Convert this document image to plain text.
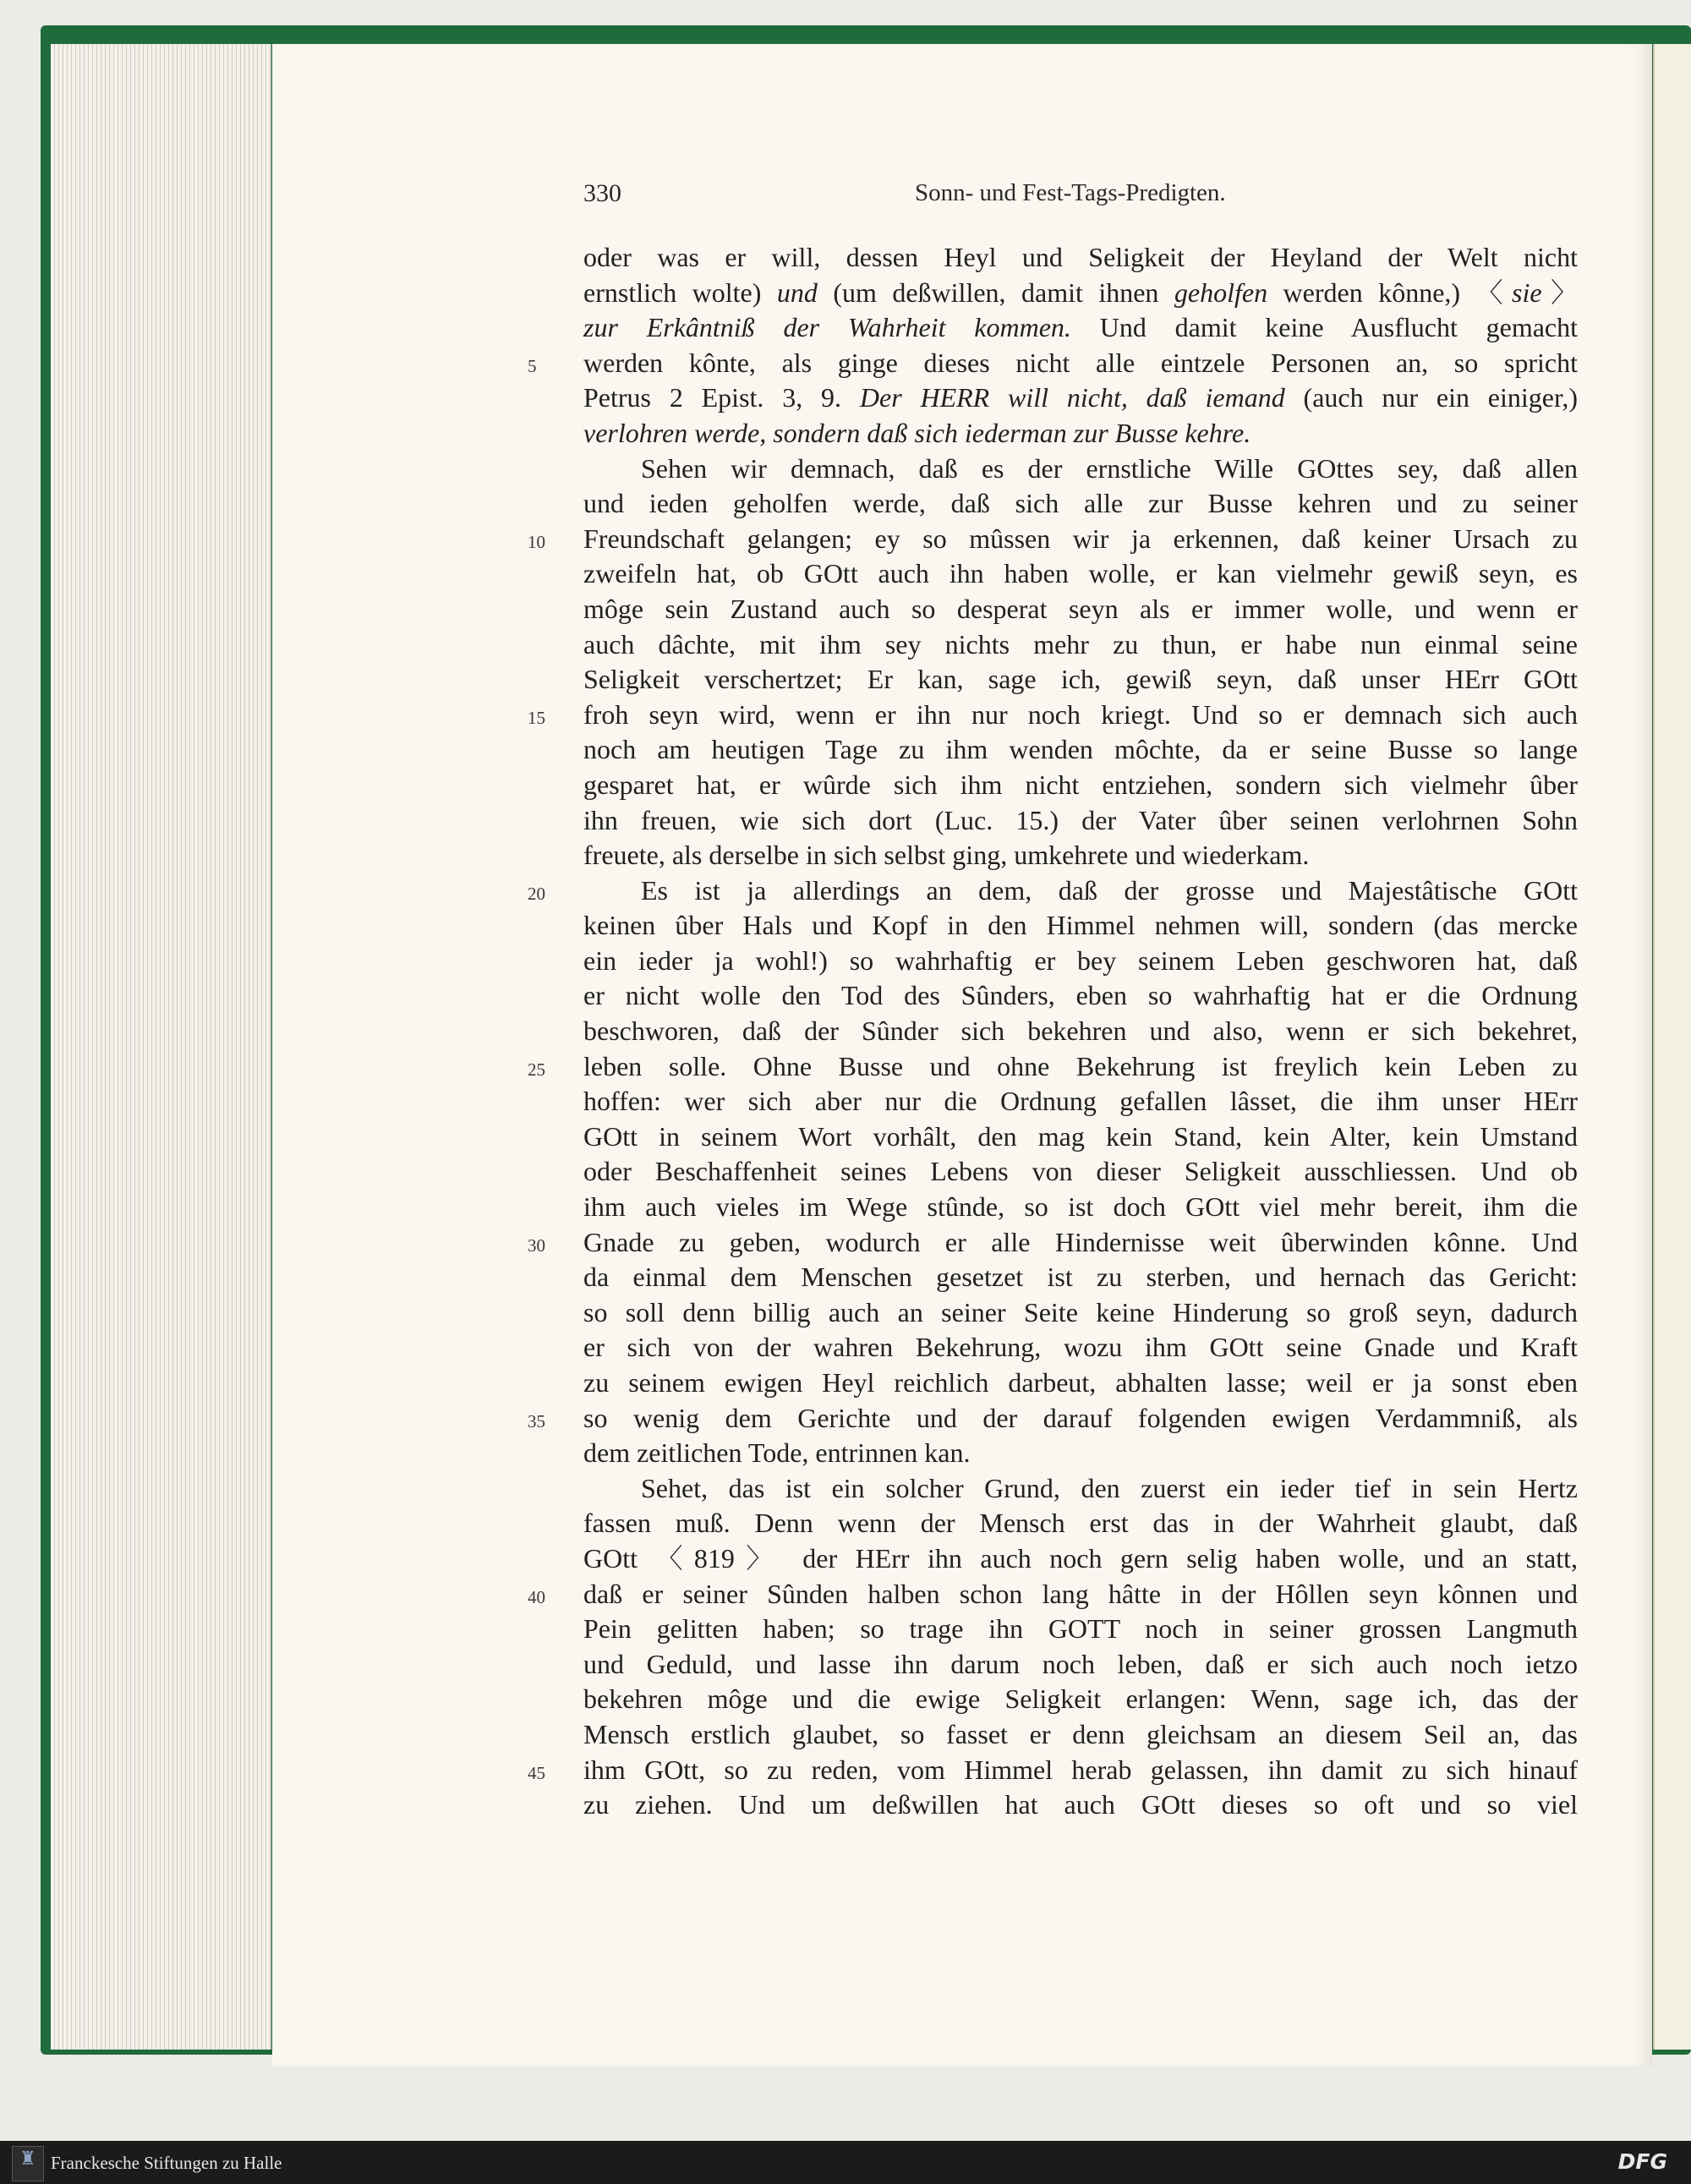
330	Sonn- und Fest-Tags-Predigten.
oder was er will, dessen Heyl und Seligkeit der Heyland der Welt nicht
ernstlich wolte) und (um deßwillen, damit ihnen geholfen werden kônne,) 〈sie〉
zur Erkântniß der Wahrheit kommen. Und damit keine Ausflucht gemacht
5	werden kônte, als ginge dieses nicht alle eintzele Personen an, so spricht
Petrus 2 Epist. 3, 9. Der HERR will nicht, daß iemand (auch nur ein einiger,)
verlohren werde, sondern daß sich iederman zur Busse kehre.
Sehen wir demnach, daß es der ernstliche Wille GOttes sey, daß allen
und ieden geholfen werde, daß sich alle zur Busse kehren und zu seiner
10 Freundschaft gelangen; ey so mûssen wir ja erkennen, daß keiner Ursach zu
zweifeln hat, ob GOtt auch ihn haben wolle, er kan vielmehr gewiß seyn, es
môge sein Zustand auch so desperat seyn als er immer wolle, und wenn er
auch dâchte, mit ihm sey nichts mehr zu thun, er habe nun einmal seine
Seligkeit verschertzet; Er kan, sage ich, gewiß seyn, daß unser HErr GOtt
15 froh seyn wird, wenn er ihn nur noch kriegt. Und so er demnach sich auch
noch am heutigen Tage zu ihm wenden môchte, da er seine Busse so lange
gesparet hat, er wûrde sich ihm nicht entziehen, sondern sich vielmehr ûber
ihn freuen, wie sich dort (Luc. 15.) der Vater ûber seinen verlohrnen Sohn
freuete, als derselbe in sich selbst ging, umkehrete und wiederkam.
20	Es ist ja allerdings an dem, daß der grosse und Majestâtische GOtt
keinen ûber Hals und Kopf in den Himmel nehmen will, sondern (das mercke
ein ieder ja wohl!) so wahrhaftig er bey seinem Leben geschworen hat, daß
er nicht wolle den Tod des Sûnders, eben so wahrhaftig hat er die Ordnung
beschworen, daß der Sûnder sich bekehren und also, wenn er sich bekehret,
25 leben solle. Ohne Busse und ohne Bekehrung ist freylich kein Leben zu
hoffen: wer sich aber nur die Ordnung gefallen lâsset, die ihm unser HErr
GOtt in seinem Wort vorhâlt, den mag kein Stand, kein Alter, kein Umstand
oder Beschaffenheit seines Lebens von dieser Seligkeit ausschliessen. Und ob
ihm auch vieles im Wege stûnde, so ist doch GOtt viel mehr bereit, ihm die
30 Gnade zu geben, wodurch er alle Hindernisse weit ûberwinden kônne. Und
da einmal dem Menschen gesetzet ist zu sterben, und hernach das Gericht:
so soll denn billig auch an seiner Seite keine Hinderung so groß seyn, dadurch
er sich von der wahren Bekehrung, wozu ihm GOtt seine Gnade und Kraft
zu seinem ewigen Heyl reichlich darbeut, abhalten lasse; weil er ja sonst eben
35 so wenig dem Gerichte und der darauf folgenden ewigen Verdammniß, als
dem zeitlichen Tode, entrinnen kan.
Sehet, das ist ein solcher Grund, den zuerst ein ieder tief in sein Hertz
fassen muß. Denn wenn der Mensch erst das in der Wahrheit glaubt, daß
GOtt 〈819〉 der HErr ihn auch noch gern selig haben wolle, und an statt,
40 daß er seiner Sûnden halben schon lang hâtte in der Hôllen seyn kônnen und
Pein gelitten haben; so trage ihn GOTT noch in seiner grossen Langmuth
und Geduld, und lasse ihn darum noch leben, daß er sich auch noch ietzo
bekehren môge und die ewige Seligkeit erlangen: Wenn, sage ich, das der
Mensch erstlich glaubet, so fasset er denn gleichsam an diesem Seil an, das
45 ihm GOtt, so zu reden, vom Himmel herab gelassen, ihn damit zu sich hinauf
zu ziehen. Und um deßwillen hat auch GOtt dieses so oft und so viel
♜ Franckesche Stiftungen zu Halle	DFG
